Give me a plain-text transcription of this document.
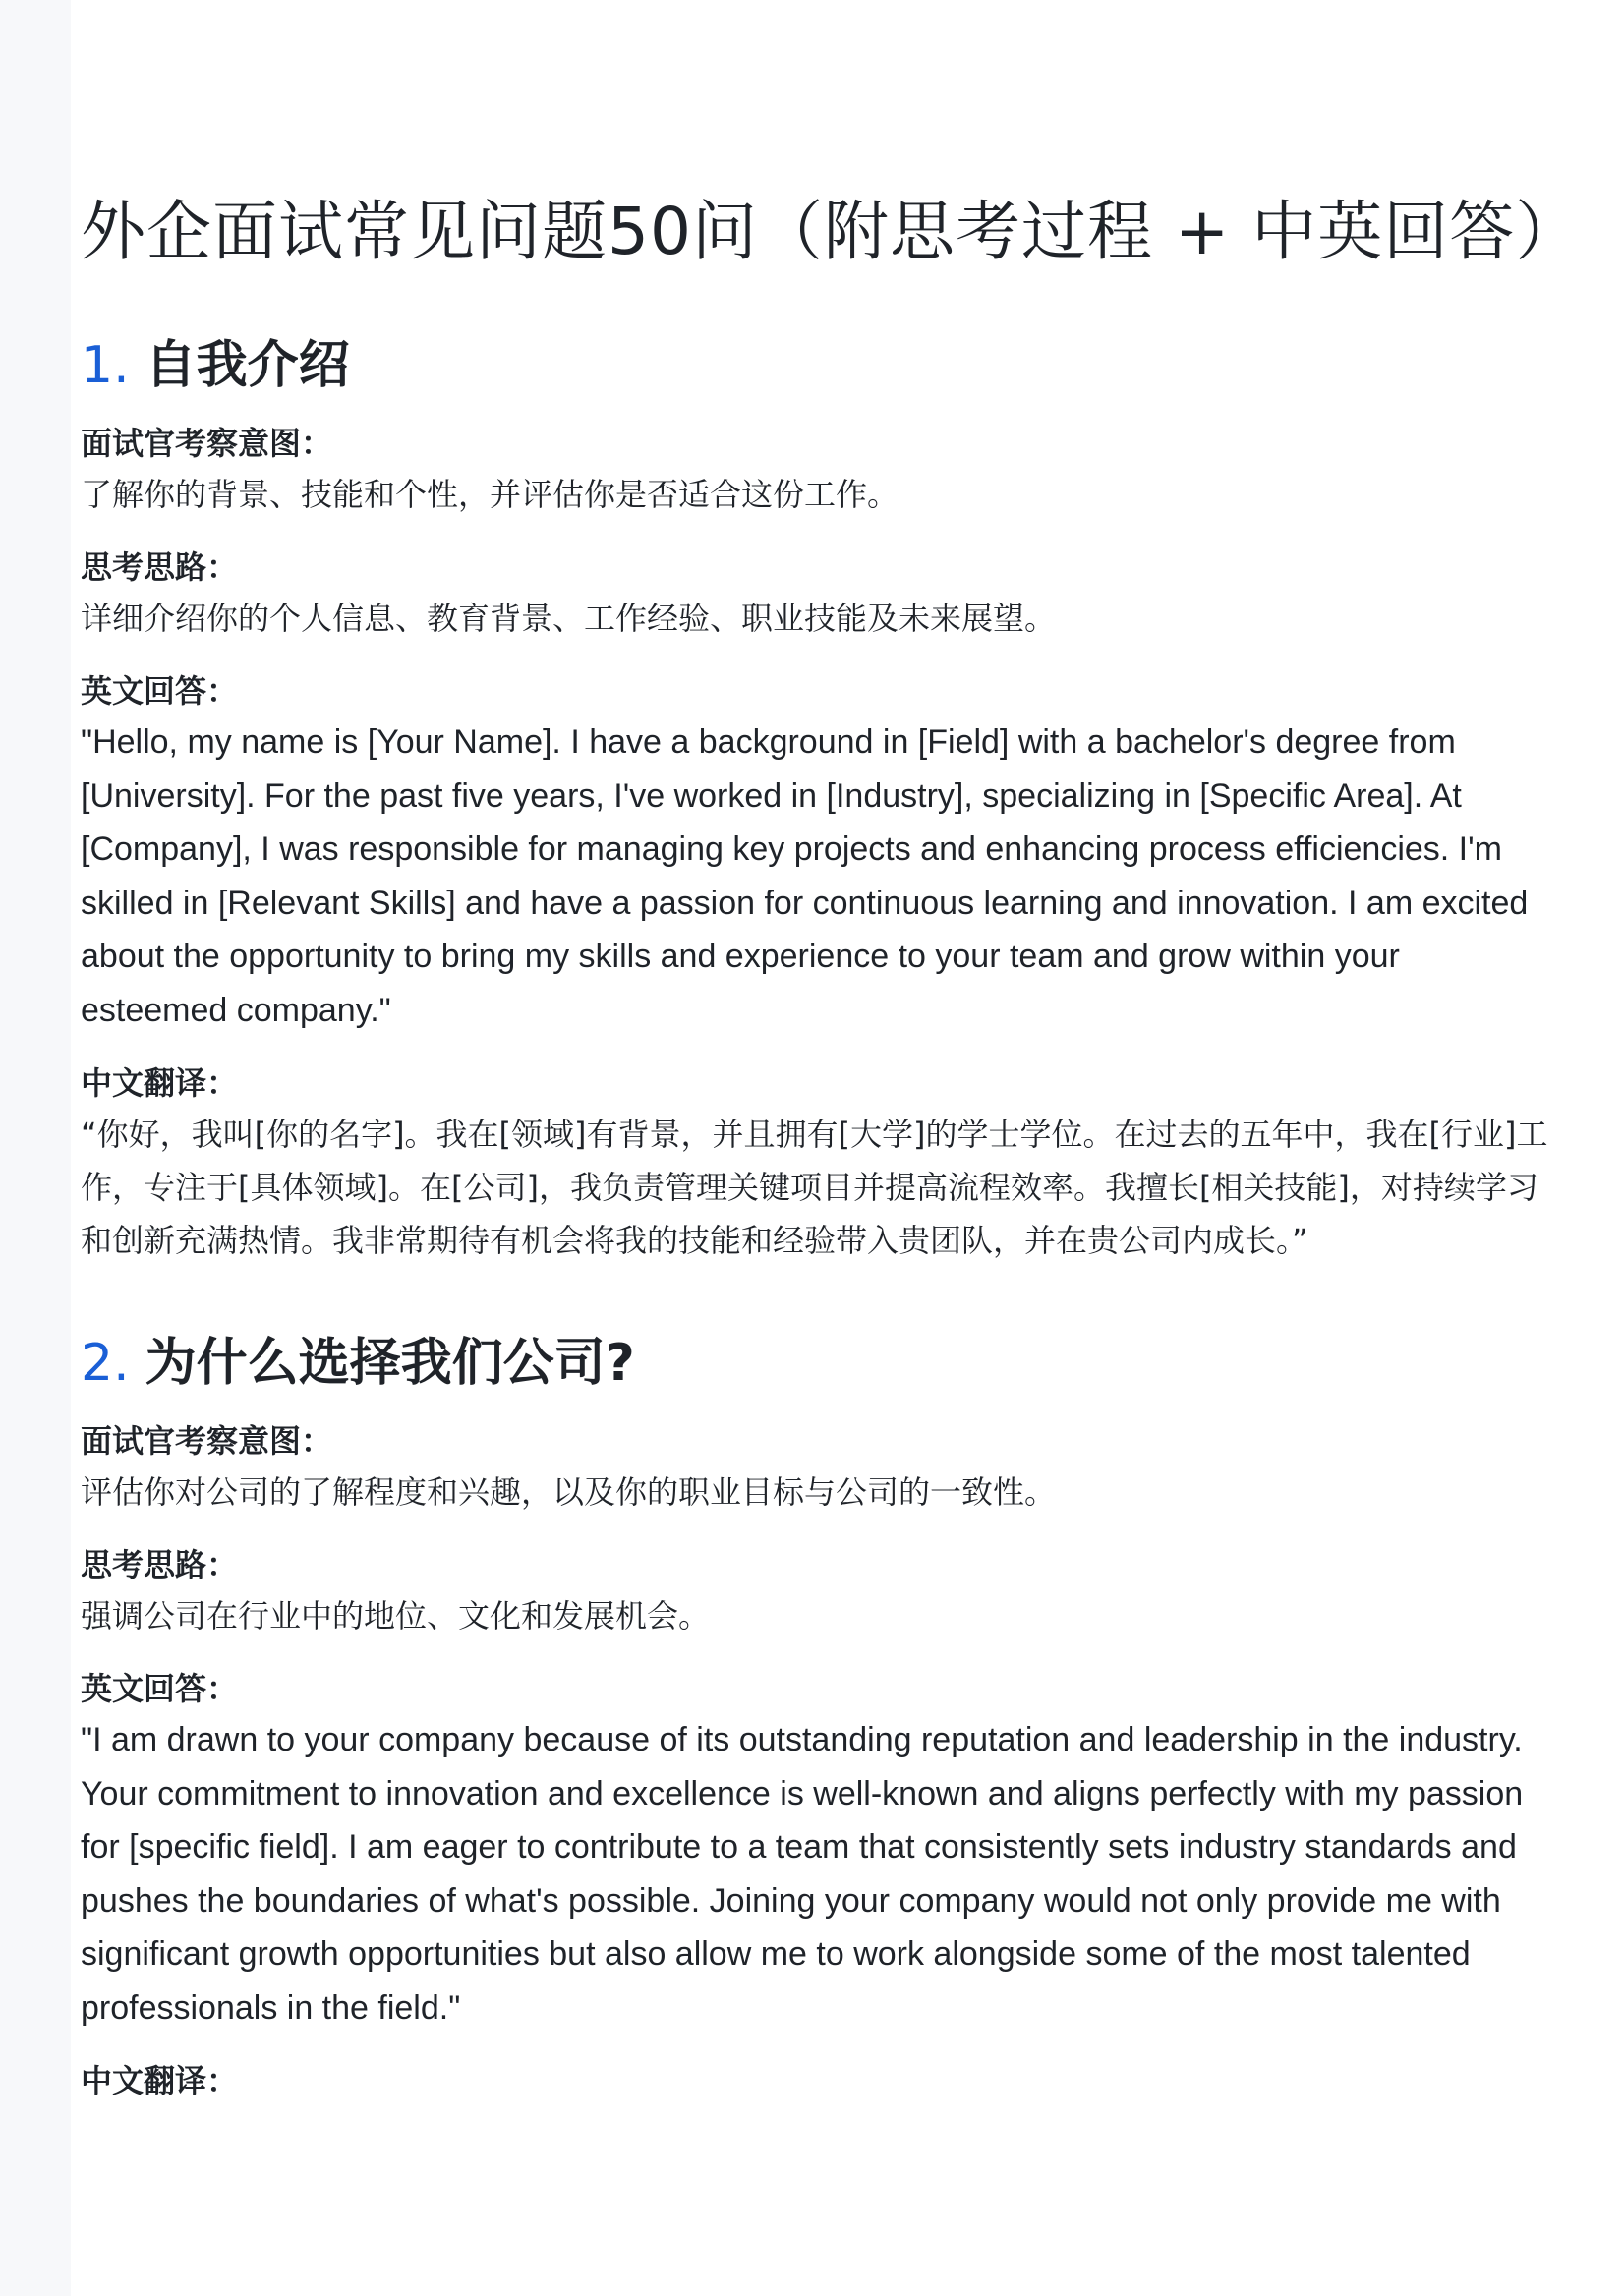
外企面试常见问题50问（附思考过程 + 中英回答）
1. 自我介绍

面试官考察意图：

了解你的背景、技能和个性，并评估你是否适合这份工作。

思考思路：

详细介绍你的个人信息、教育背景、工作经验、职业技能及未来展望。

英文回答：

"Hello, my name is [Your Name]. I have a background in [Field] with a bachelor's degree from [University]. For the past five years, I've worked in [Industry], specializing in [Specific Area]. At [Company], I was responsible for managing key projects and enhancing process efficiencies. I'm skilled in [Relevant Skills] and have a passion for continuous learning and innovation. I am excited about the opportunity to bring my skills and experience to your team and grow within your esteemed company."

中文翻译：

“你好，我叫[你的名字]。我在[领域]有背景，并且拥有[大学]的学士学位。在过去的五年中，我在[行业]工作，专注于[具体领域]。在[公司]，我负责管理关键项目并提高流程效率。我擅长[相关技能]，对持续学习和创新充满热情。我非常期待有机会将我的技能和经验带入贵团队，并在贵公司内成长。”

2. 为什么选择我们公司?

面试官考察意图：

评估你对公司的了解程度和兴趣，以及你的职业目标与公司的一致性。

思考思路：

强调公司在行业中的地位、文化和发展机会。

英文回答：

"I am drawn to your company because of its outstanding reputation and leadership in the industry. Your commitment to innovation and excellence is well-known and aligns perfectly with my passion for [specific field]. I am eager to contribute to a team that consistently sets industry standards and pushes the boundaries of what's possible. Joining your company would not only provide me with significant growth opportunities but also allow me to work alongside some of the most talented professionals in the field."

中文翻译：
